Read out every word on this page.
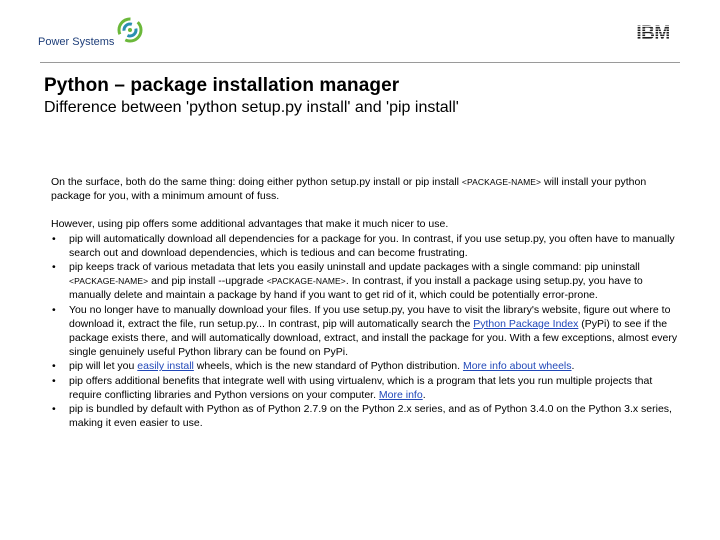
Power Systems	IBM
Python – package installation manager
Difference between 'python setup.py install' and 'pip install'

On the surface, both do the same thing: doing either python setup.py install or pip install <PACKAGE-NAME> will install your python package for you, with a minimum amount of fuss.

However, using pip offers some additional advantages that make it much nicer to use.

• pip will automatically download all dependencies for a package for you. In contrast, if you use setup.py, you often have to manually search out and download dependencies, which is tedious and can become frustrating.
• pip keeps track of various metadata that lets you easily uninstall and update packages with a single command: pip uninstall <PACKAGE-NAME> and pip install --upgrade <PACKAGE-NAME>. In contrast, if you install a package using setup.py, you have to manually delete and maintain a package by hand if you want to get rid of it, which could be potentially error-prone.
• You no longer have to manually download your files. If you use setup.py, you have to visit the library's website, figure out where to download it, extract the file, run setup.py... In contrast, pip will automatically search the Python Package Index (PyPi) to see if the package exists there, and will automatically download, extract, and install the package for you. With a few exceptions, almost every single genuinely useful Python library can be found on PyPi.
• pip will let you easily install wheels, which is the new standard of Python distribution. More info about wheels.
• pip offers additional benefits that integrate well with using virtualenv, which is a program that lets you run multiple projects that require conflicting libraries and Python versions on your computer. More info.
• pip is bundled by default with Python as of Python 2.7.9 on the Python 2.x series, and as of Python 3.4.0 on the Python 3.x series, making it even easier to use.
